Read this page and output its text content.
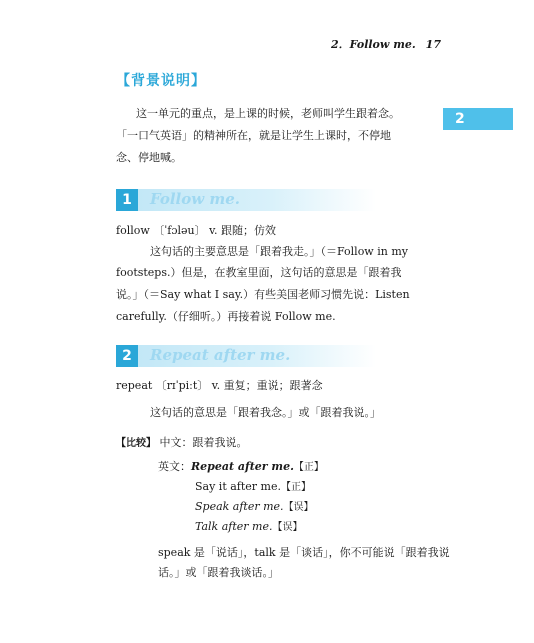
2．Follow me. 17
【背景说明】
2
这一单元的重点，是上课的时候，老师叫学生跟着念。
「一口气英语」的精神所在，就是让学生上课时，不停地
念、停地喊。
1	Follow me.
follow 〔ˈfɔləu〕 v. 跟随；仿效
这句话的主要意思是「跟着我走。」（＝Follow in my
footsteps.）但是，在教室里面，这句话的意思是「跟着我
说。」（＝Say what I say.）有些美国老师习惯先说：Listen
carefully.（仔细听。）再接着说 Follow me.
2	Repeat after me.
repeat 〔rɪˈpiːt〕 v. 重复；重说；跟著念
这句话的意思是「跟着我念。」或「跟着我说。」
【比较】 中文：跟着我说。
英文：Repeat after me.【正】
Say it after me.【正】
Speak after me.【误】
Talk after me.【误】
speak 是「说话」，talk 是「谈话」，你不可能说「跟着我说
话。」或「跟着我谈话。」
